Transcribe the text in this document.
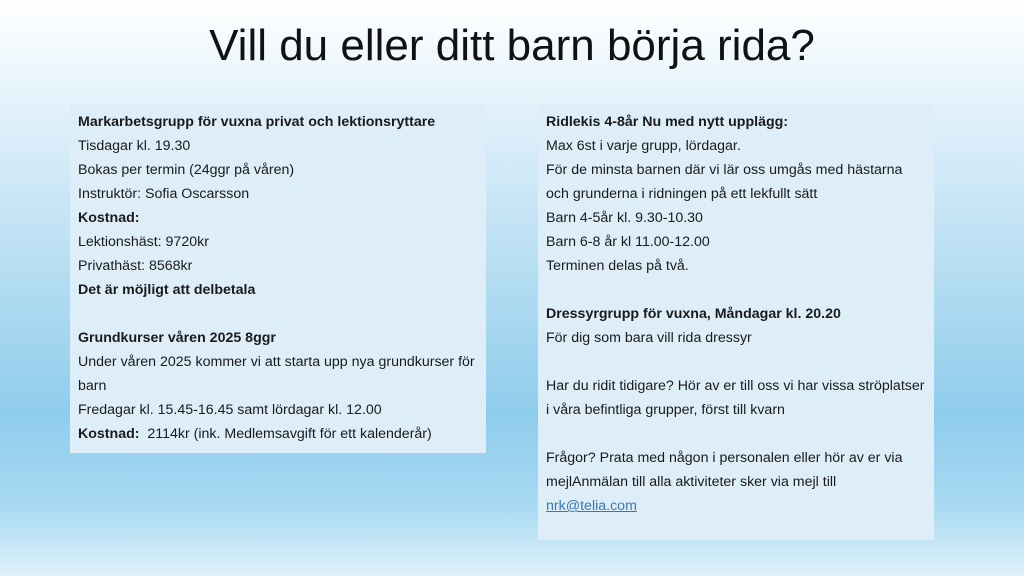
Vill du eller ditt barn börja rida?
Markarbetsgrupp för vuxna privat och lektionsryttare
Tisdagar kl. 19.30
Bokas per termin (24ggr på våren)
Instruktör: Sofia Oscarsson
Kostnad:
Lektionshäst: 9720kr
Privathäst: 8568kr
Det är möjligt att delbetala
Grundkurser våren 2025 8ggr
Under våren 2025 kommer vi att starta upp nya grundkurser för barn
Fredagar kl. 15.45-16.45 samt lördagar kl. 12.00
Kostnad:  2114kr (ink. Medlemsavgift för ett kalenderår)
Ridlekis 4-8år Nu med nytt upplägg:
Max 6st i varje grupp, lördagar.
För de minsta barnen där vi lär oss umgås med hästarna och grunderna i ridningen på ett lekfullt sätt
Barn 4-5år kl. 9.30-10.30
Barn 6-8 år kl 11.00-12.00
Terminen delas på två.
Dressyrgrupp för vuxna, Måndagar kl. 20.20
För dig som bara vill rida dressyr
Har du ridit tidigare? Hör av er till oss vi har vissa ströplatser i våra befintliga grupper, först till kvarn
Frågor? Prata med någon i personalen eller hör av er via mejlAnmälan till alla aktiviteter sker via mejl till
nrk@telia.com
